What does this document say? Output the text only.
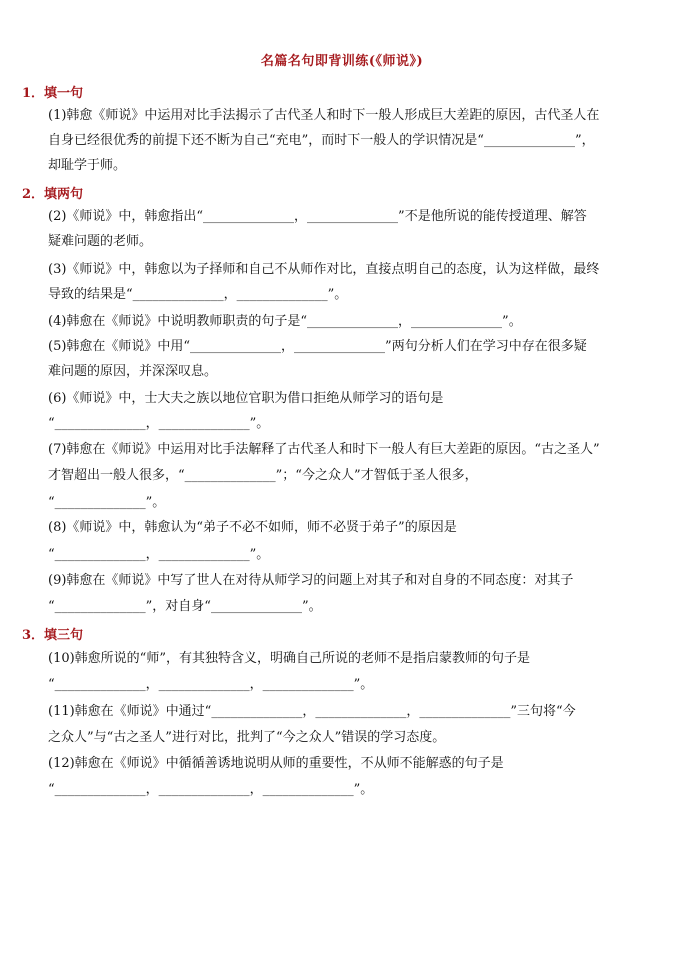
名篇名句即背训练(《师说》)
1．填一句
(1)韩愈《师说》中运用对比手法揭示了古代圣人和时下一般人形成巨大差距的原因，古代圣人在
自身已经很优秀的前提下还不断为自己“充电”，而时下一般人的学识情况是“______________”，
却耻学于师。
2．填两句
(2)《师说》中，韩愈指出“______________，______________”不是他所说的能传授道理、解答
疑难问题的老师。
(3)《师说》中，韩愈以为子择师和自己不从师作对比，直接点明自己的态度，认为这样做，最终
导致的结果是“______________，______________”。
(4)韩愈在《师说》中说明教师职责的句子是“______________，______________”。
(5)韩愈在《师说》中用“______________，______________”两句分析人们在学习中存在很多疑
难问题的原因，并深深叹息。
(6)《师说》中，士大夫之族以地位官职为借口拒绝从师学习的语句是
“______________，______________”。
(7)韩愈在《师说》中运用对比手法解释了古代圣人和时下一般人有巨大差距的原因。“古之圣人”
才智超出一般人很多，“______________”；“今之众人”才智低于圣人很多，
“______________”。
(8)《师说》中，韩愈认为“弟子不必不如师，师不必贤于弟子”的原因是
“______________，______________”。
(9)韩愈在《师说》中写了世人在对待从师学习的问题上对其子和对自身的不同态度：对其子
“______________”，对自身“______________”。
3．填三句
(10)韩愈所说的“师”，有其独特含义，明确自己所说的老师不是指启蒙教师的句子是
“______________，______________，______________”。
(11)韩愈在《师说》中通过“______________，______________，______________”三句将“今
之众人”与“古之圣人”进行对比，批判了“今之众人”错误的学习态度。
(12)韩愈在《师说》中循循善诱地说明从师的重要性，不从师不能解惑的句子是
“______________，______________，______________”。
